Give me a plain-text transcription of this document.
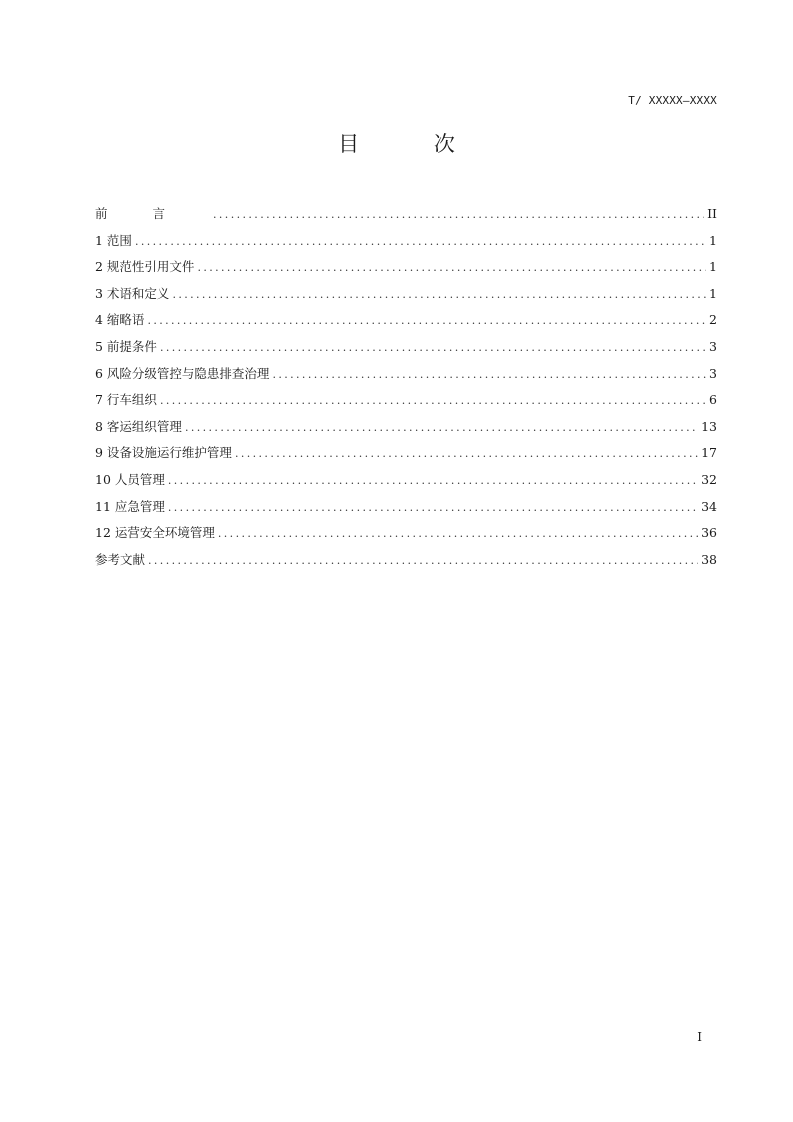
T/ XXXXX—XXXX
目 次
前言 .....	II
1 范围 .....	1
2 规范性引用文件 .....	1
3 术语和定义 .....	1
4 缩略语 .....	2
5 前提条件 .....	3
6 风险分级管控与隐患排查治理 .....	3
7 行车组织 .....	6
8 客运组织管理 .....	13
9 设备设施运行维护管理 .....	17
10 人员管理 .....	32
11 应急管理 .....	34
12 运营安全环境管理 .....	36
参考文献 .....	38
I
